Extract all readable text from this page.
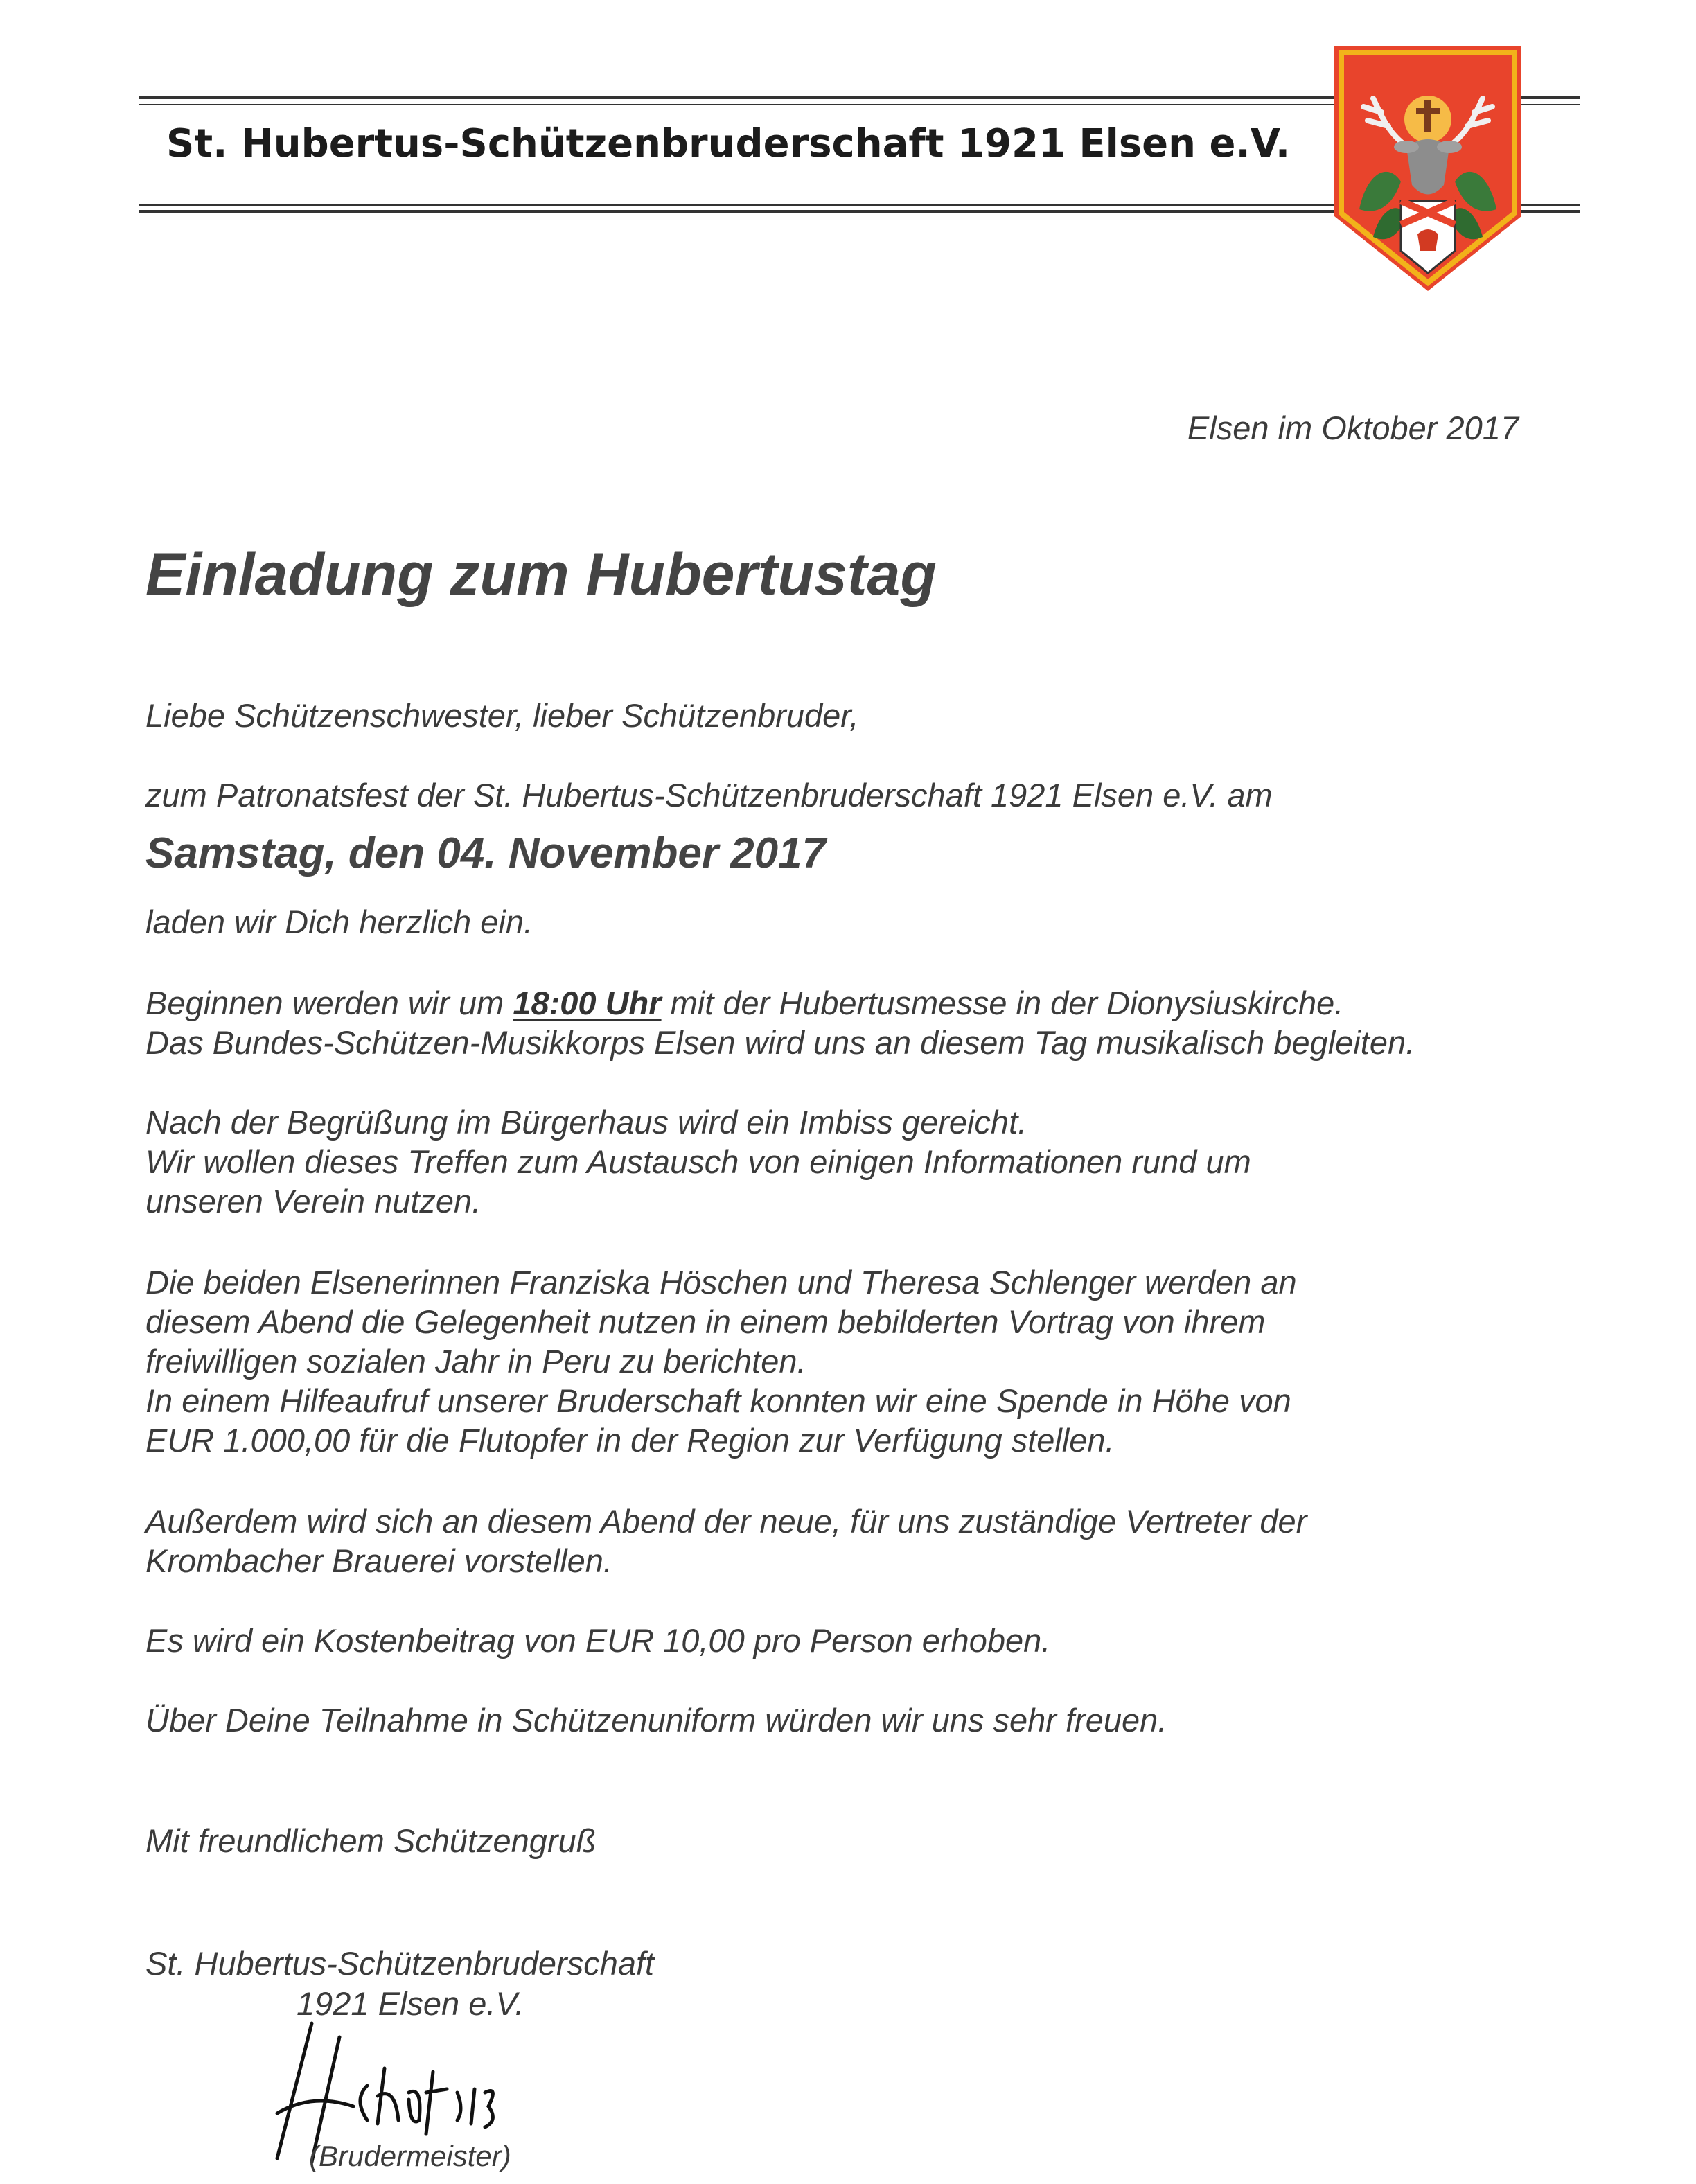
St. Hubertus-Schützenbruderschaft 1921 Elsen e.V.
Elsen im Oktober 2017
Einladung zum Hubertustag
Liebe Schützenschwester, lieber Schützenbruder,
zum Patronatsfest der St. Hubertus-Schützenbruderschaft 1921 Elsen e.V. am
Samstag, den 04. November 2017
laden wir Dich herzlich ein.
Beginnen werden wir um 18:00 Uhr mit der Hubertusmesse in der Dionysiuskirche.
Das Bundes-Schützen-Musikkorps Elsen wird uns an diesem Tag musikalisch begleiten.
Nach der Begrüßung im Bürgerhaus wird ein Imbiss gereicht.
Wir wollen dieses Treffen zum Austausch von einigen Informationen rund um
unseren Verein nutzen.
Die beiden Elsenerinnen Franziska Höschen und Theresa Schlenger werden an
diesem Abend die Gelegenheit nutzen in einem bebilderten Vortrag von ihrem
freiwilligen sozialen Jahr in Peru zu berichten.
In einem Hilfeaufruf unserer Bruderschaft konnten wir eine Spende in Höhe von
EUR 1.000,00 für die Flutopfer in der Region zur Verfügung stellen.
Außerdem wird sich an diesem Abend der neue, für uns zuständige Vertreter der
Krombacher Brauerei vorstellen.
Es wird ein Kostenbeitrag von EUR 10,00 pro Person erhoben.
Über Deine Teilnahme in Schützenuniform würden wir uns sehr freuen.
Mit freundlichem Schützengruß
St. Hubertus-Schützenbruderschaft
1921 Elsen e.V.
(Brudermeister)
